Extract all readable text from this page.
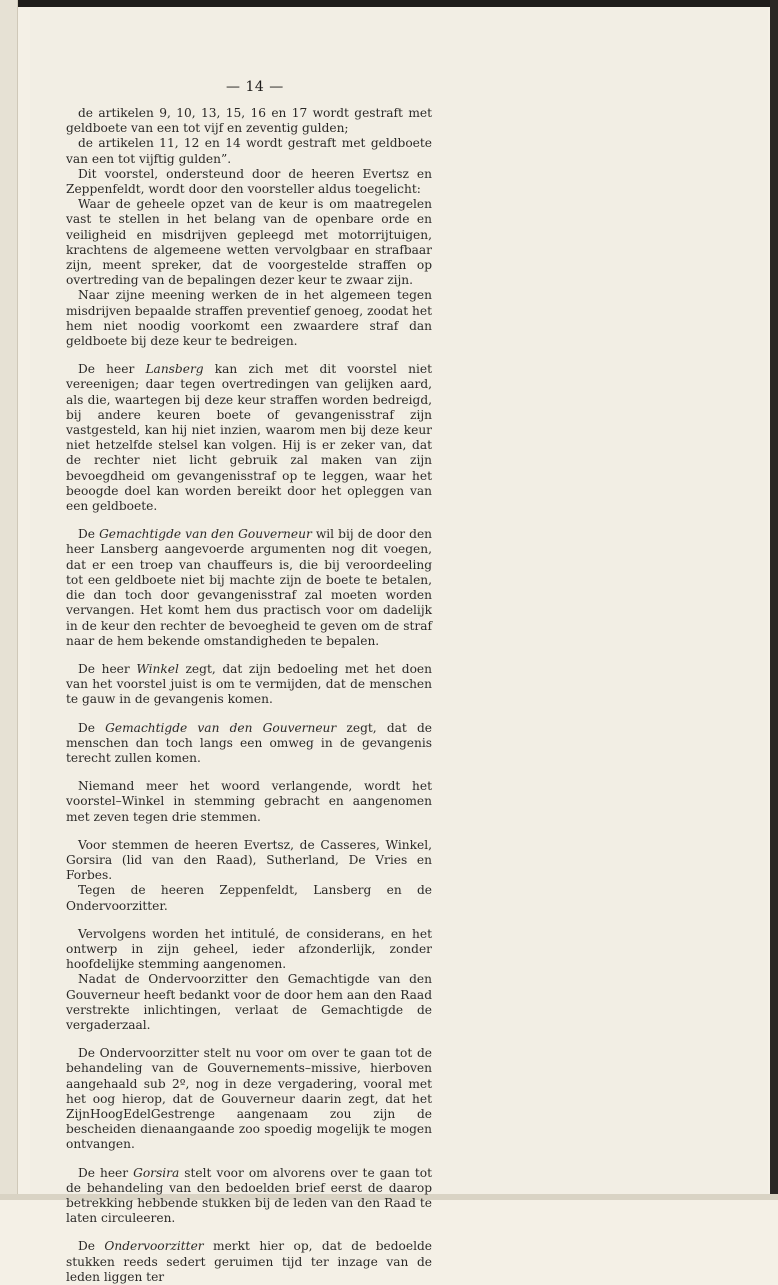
— 14 —

de artikelen 9, 10, 13, 15, 16 en 17 wordt gestraft met geldboete van een tot vijf en zeventig gulden;

de artikelen 11, 12 en 14 wordt gestraft met geldboete van een tot vijftig gulden”.

Dit voorstel, ondersteund door de heeren Evertsz en Zeppenfeldt, wordt door den voorsteller aldus toegelicht:

Waar de geheele opzet van de keur is om maatregelen vast te stellen in het belang van de openbare orde en veiligheid en misdrijven gepleegd met motorrijtuigen, krachtens de algemeene wetten vervolgbaar en strafbaar zijn, meent spreker, dat de voorgestelde straffen op overtreding van de bepalingen dezer keur te zwaar zijn.

Naar zijne meening werken de in het algemeen tegen misdrijven bepaalde straffen preventief genoeg, zoodat het hem niet noodig voorkomt een zwaardere straf dan geldboete bij deze keur te bedreigen.

De heer Lansberg kan zich met dit voorstel niet vereenigen; daar tegen overtredingen van gelijken aard, als die, waartegen bij deze keur straffen worden bedreigd, bij andere keuren boete of gevangenisstraf zijn vastgesteld, kan hij niet inzien, waarom men bij deze keur niet hetzelfde stelsel kan volgen. Hij is er zeker van, dat de rechter niet licht gebruik zal maken van zijn bevoegdheid om gevangenisstraf op te leggen, waar het beoogde doel kan worden bereikt door het opleggen van een geldboete.

De Gemachtigde van den Gouverneur wil bij de door den heer Lansberg aangevoerde argumenten nog dit voegen, dat er een troep van chauffeurs is, die bij veroordeeling tot een geldboete niet bij machte zijn de boete te betalen, die dan toch door gevangenisstraf zal moeten worden vervangen. Het komt hem dus practisch voor om dadelijk in de keur den rechter de bevoegheid te geven om de straf naar de hem bekende omstandigheden te bepalen.

De heer Winkel zegt, dat zijn bedoeling met het doen van het voorstel juist is om te vermijden, dat de menschen te gauw in de gevangenis komen.

De Gemachtigde van den Gouverneur zegt, dat de menschen dan toch langs een omweg in de gevangenis terecht zullen komen.

Niemand meer het woord verlangende, wordt het voorstel–Winkel in stemming gebracht en aangenomen met zeven tegen drie stemmen.

Voor stemmen de heeren Evertsz, de Casseres, Winkel, Gorsira (lid van den Raad), Sutherland, De Vries en Forbes.

Tegen de heeren Zeppenfeldt, Lansberg en de Ondervoorzitter.

Vervolgens worden het intitulé, de considerans, en het ontwerp in zijn geheel, ieder afzonderlijk, zonder hoofdelijke stemming aangenomen.

Nadat de Ondervoorzitter den Gemachtigde van den Gouverneur heeft bedankt voor de door hem aan den Raad verstrekte inlichtingen, verlaat de Gemachtigde de vergaderzaal.

De Ondervoorzitter stelt nu voor om over te gaan tot de behandeling van de Gouvernements–missive, hierboven aangehaald sub 2º, nog in deze vergadering, vooral met het oog hierop, dat de Gouverneur daarin zegt, dat het ZijnHoogEdelGestrenge aangenaam zou zijn de bescheiden dienaangaande zoo spoedig mogelijk te mogen ontvangen.

De heer Gorsira stelt voor om alvorens over te gaan tot de behandeling van den bedoelden brief eerst de daarop betrekking hebbende stukken bij de leden van den Raad te laten circuleeren.

De Ondervoorzitter merkt hier op, dat de bedoelde stukken reeds sedert geruimen tijd ter inzage van de leden liggen ter
